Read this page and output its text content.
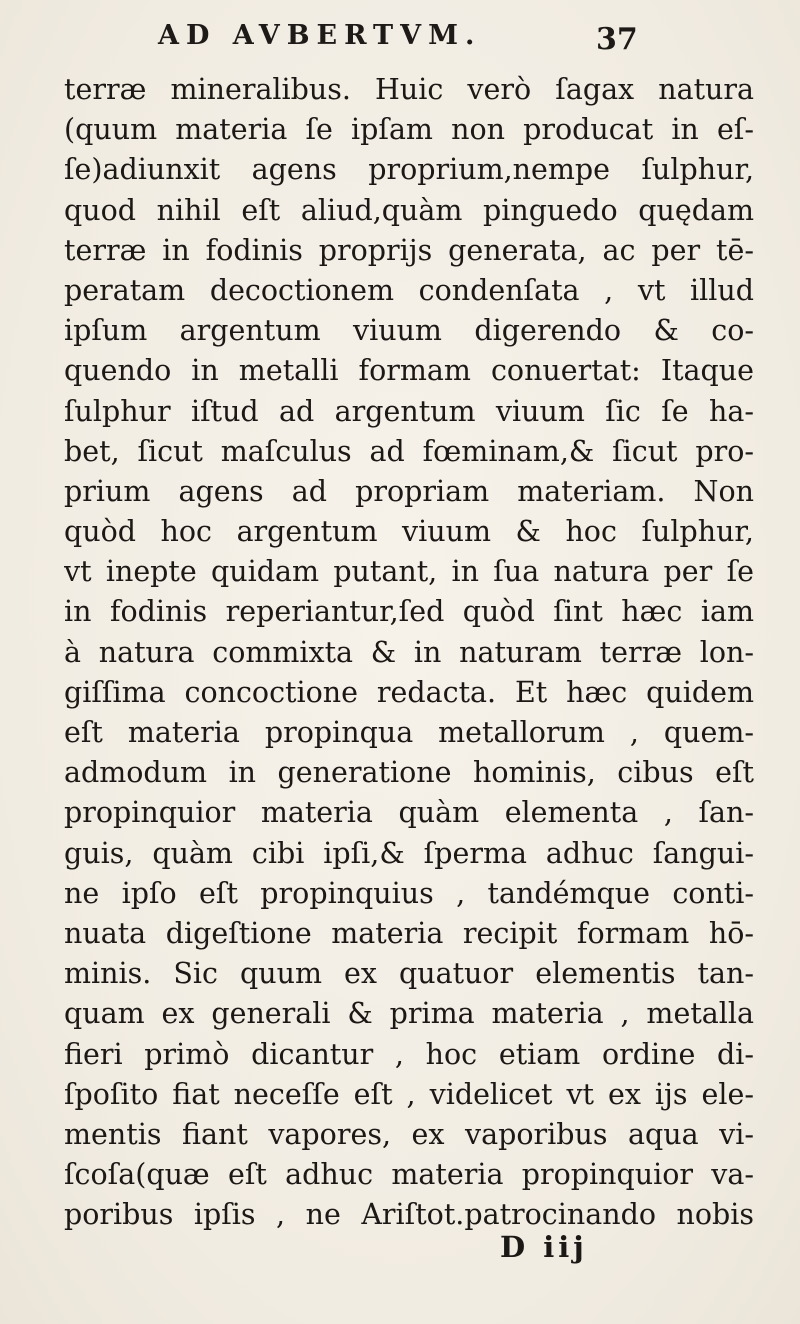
AD AVBERTVM.	37
terræ mineralibus. Huic verò ſagax natura
(quum materia ſe ipſam non producat in eſ-
ſe)adiunxit agens proprium,nempe ſulphur,
quod nihil eſt aliud,quàm pinguedo quędam
terræ in fodinis proprijs generata, ac per tē-
peratam decoctionem condenſata , vt illud
ipſum argentum viuum digerendo & co-
quendo in metalli formam conuertat: Itaque
ſulphur iſtud ad argentum viuum ſic ſe ha-
bet, ſicut maſculus ad fœminam,& ſicut pro-
prium agens ad propriam materiam. Non
quòd hoc argentum viuum & hoc ſulphur,
vt inepte quidam putant, in ſua natura per ſe
in fodinis reperiantur,ſed quòd ſint hæc iam
à natura commixta & in naturam terræ lon-
giſſima concoctione redacta. Et hæc quidem
eſt materia propinqua metallorum , quem-
admodum in generatione hominis, cibus eſt
propinquior materia quàm elementa , ſan-
guis, quàm cibi ipſi,& ſperma adhuc ſangui-
ne ipſo eſt propinquius , tandémque conti-
nuata digeſtione materia recipit formam hō-
minis. Sic quum ex quatuor elementis tan-
quam ex generali & prima materia , metalla
fieri primò dicantur , hoc etiam ordine di-
ſpoſito fiat neceſſe eſt , videlicet vt ex ijs ele-
mentis fiant vapores, ex vaporibus aqua vi-
ſcoſa(quæ eſt adhuc materia propinquior va-
poribus ipſis , ne Ariſtot.patrocinando nobis
D iij
